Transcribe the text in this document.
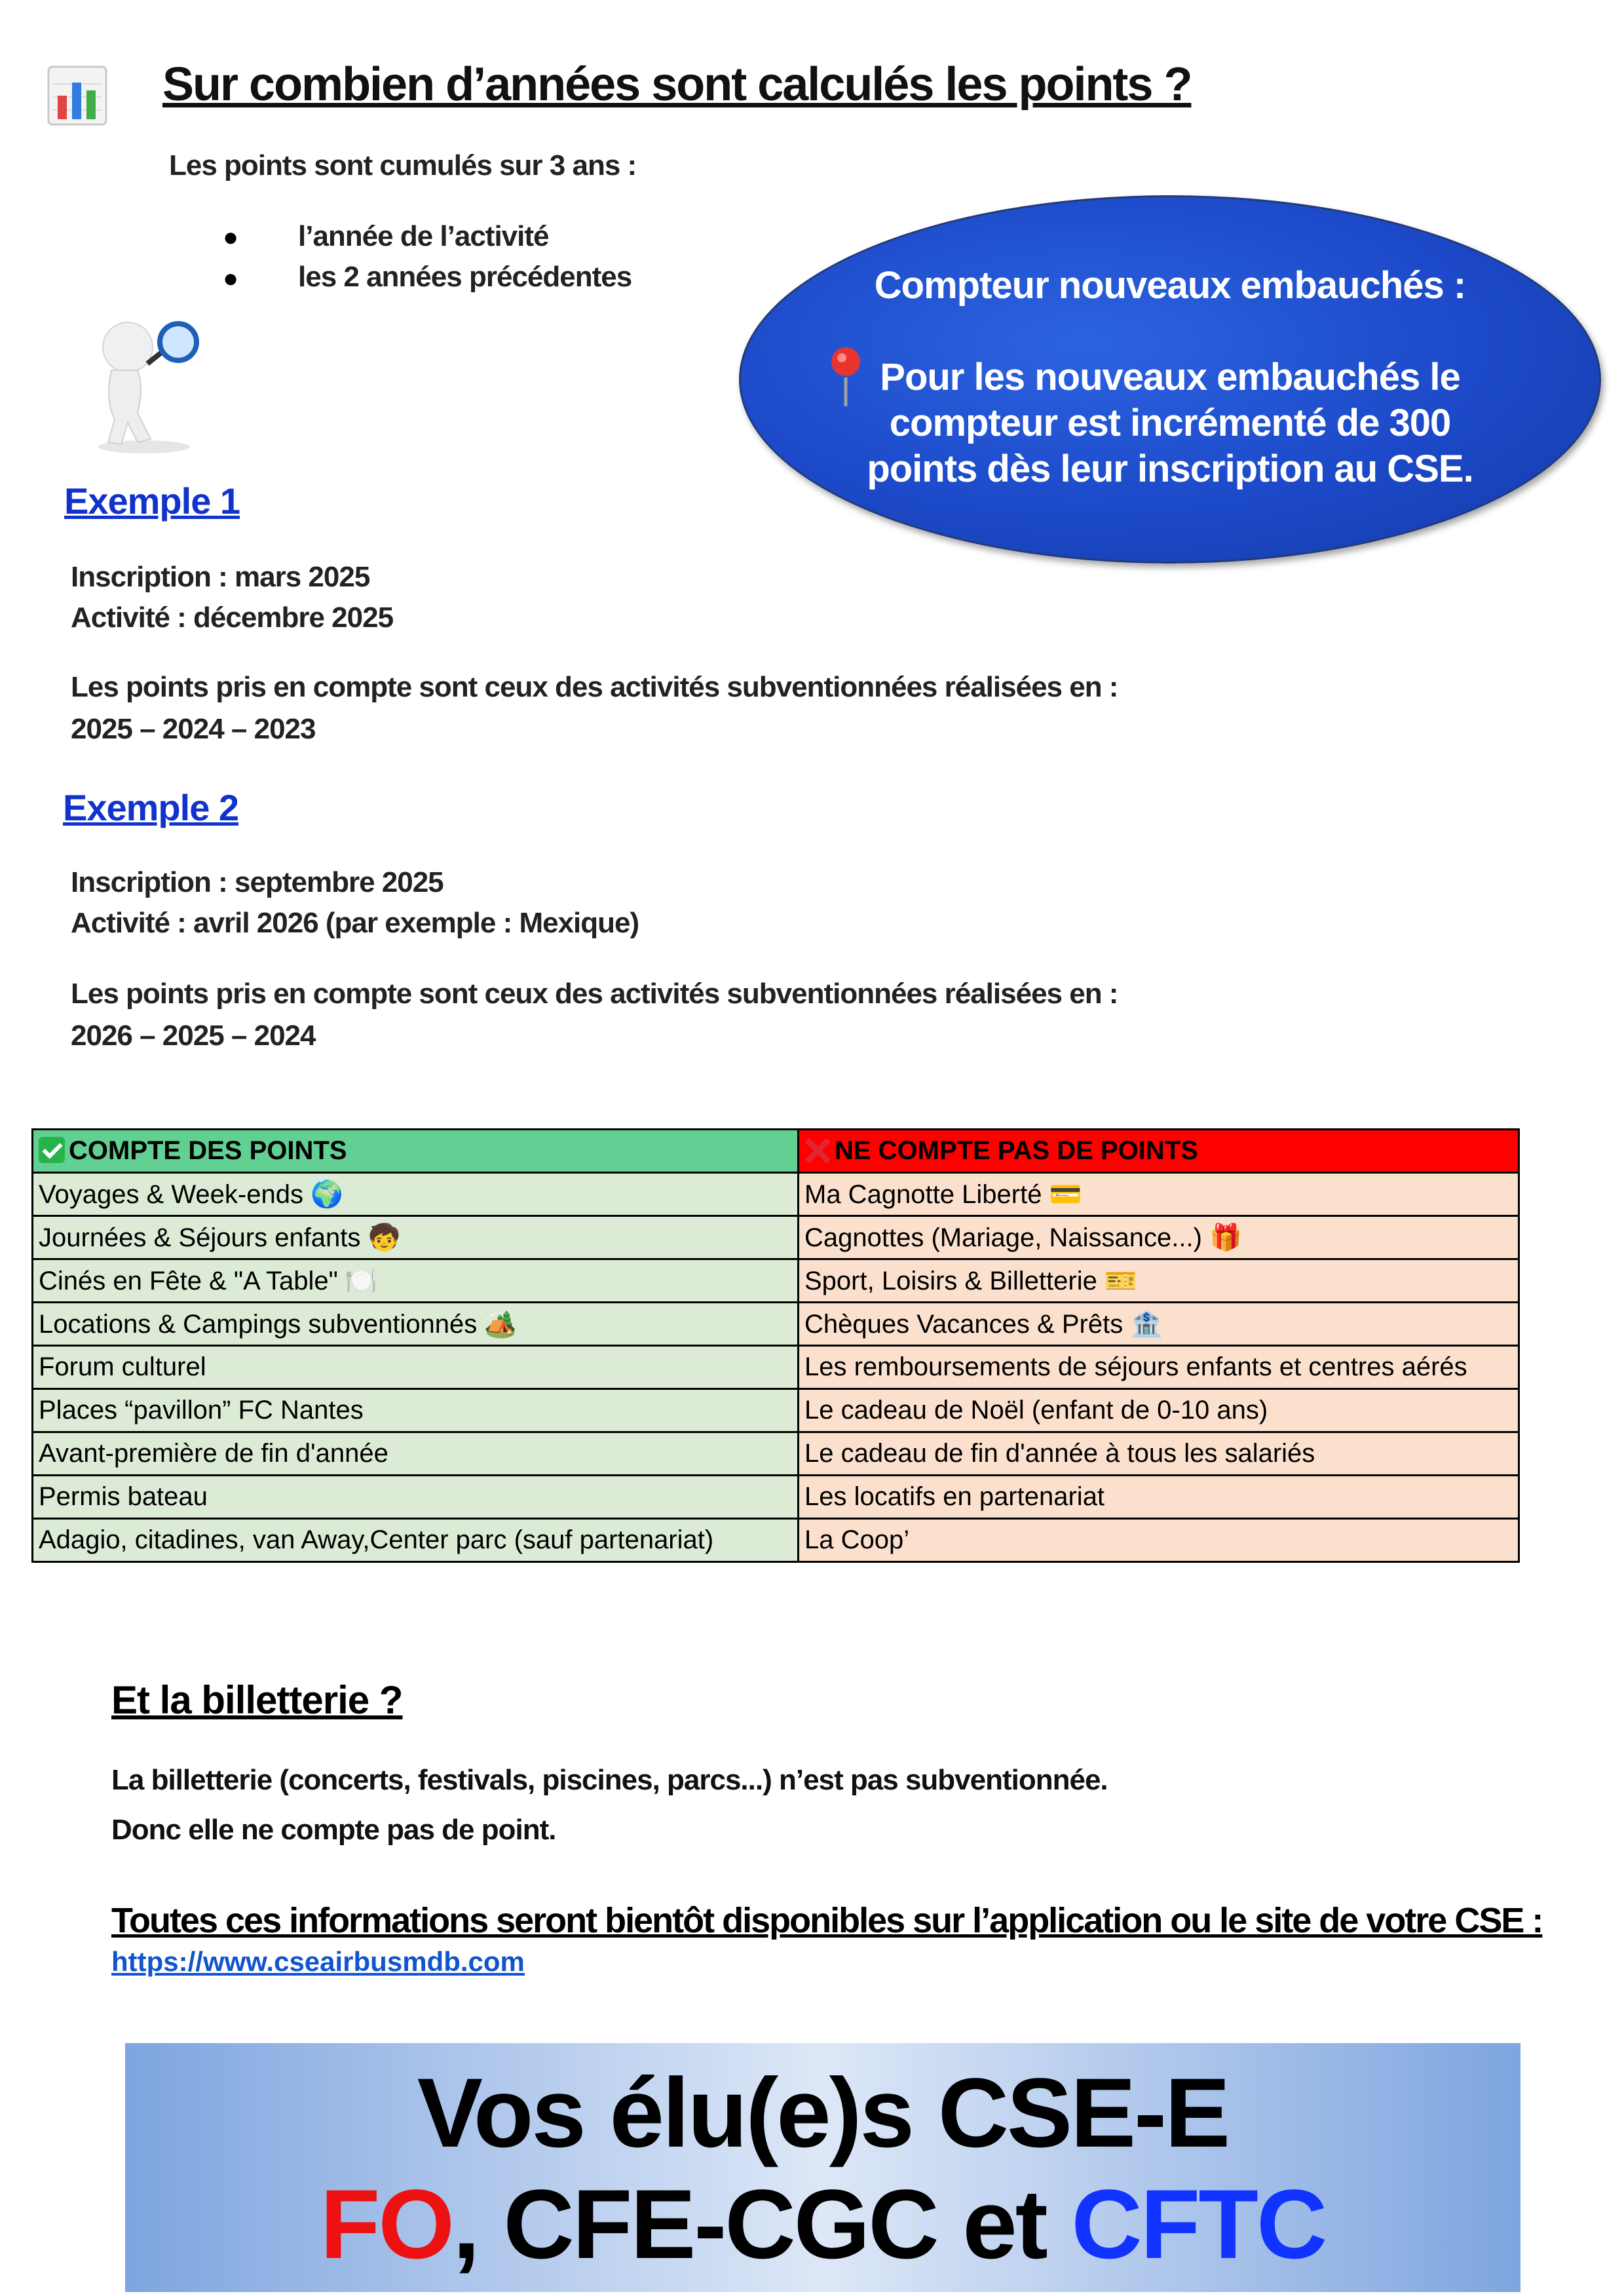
Sur combien d’années sont calculés les points ?
Les points sont cumulés sur 3 ans :
● l’année de l’activité
● les 2 années précédentes	Compteur nouveaux embauchés :
Pour les nouveaux embauchés le
compteur est incrémenté de 300
points dès leur inscription au CSE.
Exemple 1
Inscription : mars 2025
Activité : décembre 2025
Les points pris en compte sont ceux des activités subventionnées réalisées en :
2025 – 2024 – 2023
Exemple 2
Inscription : septembre 2025
Activité : avril 2026 (par exemple : Mexique)
Les points pris en compte sont ceux des activités subventionnées réalisées en :
2026 – 2025 – 2024
COMPTE DES POINTS	NE COMPTE PAS DE POINTS
Voyages & Week-ends 🌍	Ma Cagnotte Liberté 💳
Journées & Séjours enfants 🧒	Cagnottes (Mariage, Naissance...) 🎁
Cinés en Fête & "A Table" 🍽️	Sport, Loisirs & Billetterie 🎫
Locations & Campings subventionnés 🏕️	Chèques Vacances & Prêts 🏦
Forum culturel	Les remboursements de séjours enfants et centres aérés
Places “pavillon” FC Nantes	Le cadeau de Noël (enfant de 0-10 ans)
Avant-première de fin d'année	Le cadeau de fin d'année à tous les salariés
Permis bateau	Les locatifs en partenariat
Adagio, citadines, van Away,Center parc (sauf partenariat)	La Coop’
Et la billetterie ?
La billetterie (concerts, festivals, piscines, parcs...) n’est pas subventionnée.
Donc elle ne compte pas de point.
Toutes ces informations seront bientôt disponibles sur l’application ou le site de votre CSE :
https://www.cseairbusmdb.com
Vos élu(e)s CSE-E
FO, CFE-CGC et CFTC
